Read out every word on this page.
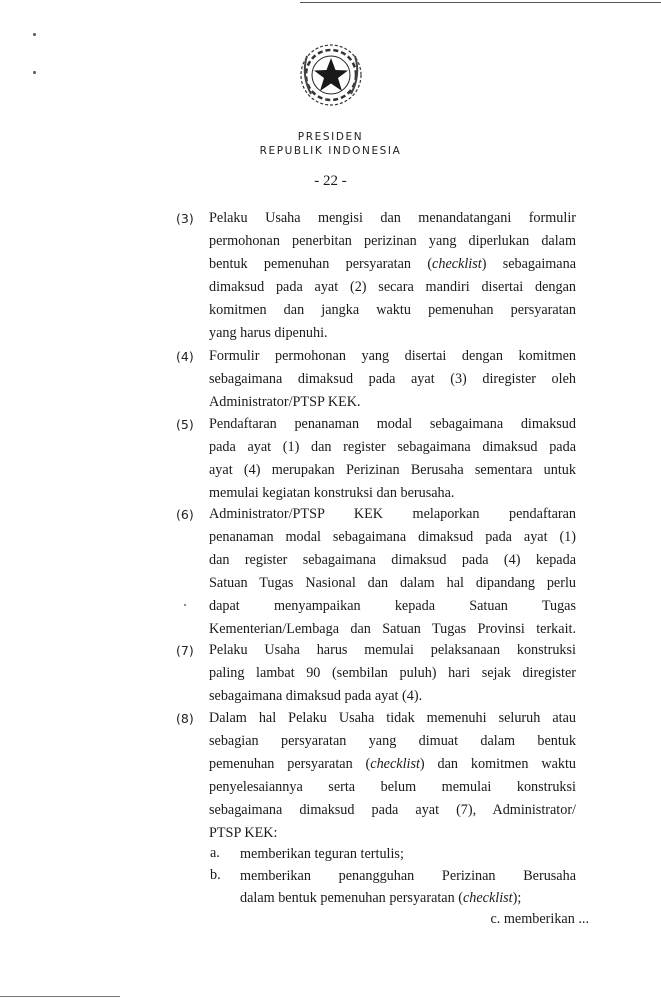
PRESIDEN
REPUBLIK INDONESIA
- 22 -
(3) Pelaku Usaha mengisi dan menandatangani formulir
permohonan penerbitan perizinan yang diperlukan dalam
bentuk pemenuhan persyaratan (checklist) sebagaimana
dimaksud pada ayat (2) secara mandiri disertai dengan
komitmen dan jangka waktu pemenuhan persyaratan
yang harus dipenuhi.
(4) Formulir permohonan yang disertai dengan komitmen
sebagaimana dimaksud pada ayat (3) diregister oleh
Administrator/PTSP KEK.
(5) Pendaftaran penanaman modal sebagaimana dimaksud
pada ayat (1) dan register sebagaimana dimaksud pada
ayat (4) merupakan Perizinan Berusaha sementara untuk
memulai kegiatan konstruksi dan berusaha.
(6) Administrator/PTSP KEK melaporkan pendaftaran
penanaman modal sebagaimana dimaksud pada ayat (1)
dan register sebagaimana dimaksud pada (4) kepada
Satuan Tugas Nasional dan dalam hal dipandang perlu
dapat menyampaikan kepada Satuan Tugas
Kementerian/Lembaga dan Satuan Tugas Provinsi terkait.
(7) Pelaku Usaha harus memulai pelaksanaan konstruksi
paling lambat 90 (sembilan puluh) hari sejak diregister
sebagaimana dimaksud pada ayat (4).
(8) Dalam hal Pelaku Usaha tidak memenuhi seluruh atau
sebagian persyaratan yang dimuat dalam bentuk
pemenuhan persyaratan (checklist) dan komitmen waktu
penyelesaiannya serta belum memulai konstruksi
sebagaimana dimaksud pada ayat (7), Administrator/
PTSP KEK:
a. memberikan teguran tertulis;
b. memberikan penangguhan Perizinan Berusaha
dalam bentuk pemenuhan persyaratan (checklist);
c. memberikan ...
